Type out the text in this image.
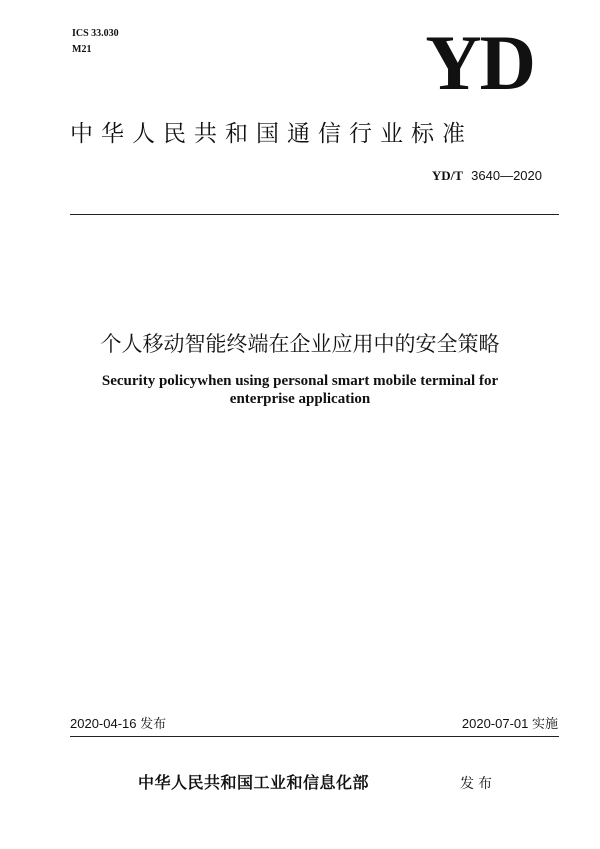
ICS 33.030
M21	YD
中华人民共和国通信行业标准
YD/T 3640—2020
个人移动智能终端在企业应用中的安全策略
Security policywhen using personal smart mobile terminal for
enterprise application
2020-04-16 发布	2020-07-01 实施
中华人民共和国工业和信息化部	发布
